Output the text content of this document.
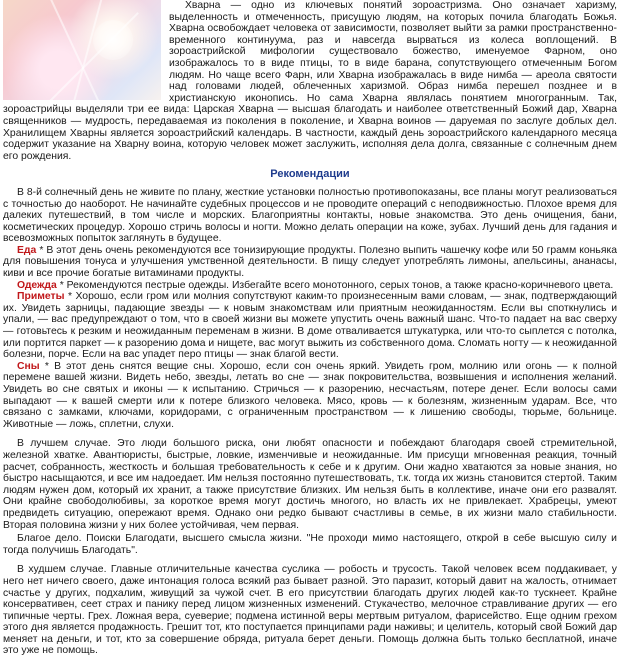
Хварна — одно из ключевых понятий зороастризма. Оно означает харизму, выделенность и отмеченность, присущую людям, на которых почила благодать Божья. Хварна освобождает человека от зависимости, позволяет выйти за рамки пространственно- временного континуума, раз и навсегда вырваться из колеса воплощений. В зороастрийской мифологии существовало божество, именуемое Фарном, оно изображалось то в виде птицы, то в виде барана, сопутствующего отмеченным Богом людям. Но чаще всего Фарн, или Хварна изображалась в виде нимба — ареола святости над головами людей, облеченных харизмой. Образ нимба перешел позднее и в христианскую иконопись. Но сама Хварна являлась понятием многогранным. Так, зороастрийцы выделяли три ее вида: Царская Хварна — высшая благодать и наиболее ответственный Божий дар, Хварна священников — мудрость, передаваемая из поколения в поколение, и Хварна воинов — даруемая по заслуге доблых дел. Хранилищем Хварны является зороастрийский календарь. В частности, каждый день зороастрийского календарного месяца содержит указание на Хварну воина, которую человек может заслужить, исполняя дела долга, связанные с солнечным днем его рождения.

Рекомендации

В 8-й солнечный день не живите по плану, жесткие установки полностью противопоказаны, все планы могут реализоваться с точностью до наоборот. Не начинайте судебных процессов и не проводите операций с неподвижностью. Плохое время для далеких путешествий, в том числе и морских. Благоприятны контакты, новые знакомства. Это день очищения, бани, косметических процедур. Хорошо стричь волосы и ногти. Можно делать операции на коже, зубах. Лучший день для гадания и всевозможных попыток заглянуть в будущее.

Еда * В этот день очень рекомендуются все тонизирующие продукты. Полезно выпить чашечку кофе или 50 грамм коньяка для повышения тонуса и улучшения умственной деятельности. В пищу следует употреблять лимоны, апельсины, ананасы, киви и все прочие богатые витаминами продукты.

Одежда * Рекомендуются пестрые одежды. Избегайте всего монотонного, серых тонов, а также красно-коричневого цвета.

Приметы * Хорошо, если гром или молния сопутствуют каким-то произнесенным вами словам, — знак, подтверждающий их. Увидеть зарницы, падающие звезды — к новым знакомствам или приятным неожиданностям. Если вы споткнулись и упали, — вас предупреждают о том, что в своей жизни вы можете упустить очень важный шанс. Что-то падает на вас сверху — готовьтесь к резким и неожиданным переменам в жизни. В доме отваливается штукатурка, или что-то сыплется с потолка, или портится паркет — к разорению дома и нищете, вас могут выжить из собственного дома. Сломать ногту — к неожиданной болезни, порче. Если на вас упадет перо птицы — знак благой вести.

Сны * В этот день снятся вещие сны. Хорошо, если сон очень яркий. Увидеть гром, молнию или огонь — к полной перемене вашей жизни. Видеть небо, звезды, летать во сне — знак покровительства, возвышения и исполнения желаний. Увидеть во сне святых и иконы — к испытанию. Стричься — к разорению, несчастьям, потере денег. Если волосы сами выпадают — к вашей смерти или к потере близкого человека. Мясо, кровь — к болезням, жизненным ударам. Все, что связано с замками, ключами, коридорами, с ограниченным пространством — к лишению свободы, тюрьме, больнице. Животные — ложь, сплетни, слухи.

В лучшем случае. Это люди большого риска, они любят опасности и побеждают благодаря своей стремительной, железной хватке. Авантюристы, быстрые, ловкие, изменчивые и неожиданные. Им присущи мгновенная реакция, точный расчет, собранность, жесткость и большая требовательность к себе и к другим. Они жадно хватаются за новые знания, но быстро насыщаются, и все им надоедает. Им нельзя постоянно путешествовать, т.к. тогда их жизнь становится стертой. Таким людям нужен дом, который их хранит, а также присутствие близких. Им нельзя быть в коллективе, иначе они его развалят. Они крайне свободолюбивы, за короткое время могут достичь многого, но власть их не привлекает. Храбрецы, умеют предвидеть ситуацию, опережают время. Однако они редко бывают счастливы в семье, в их жизни мало стабильности. Вторая половина жизни у них более устойчивая, чем первая.

Благое дело. Поиски Благодати, высшего смысла жизни. "Не проходи мимо настоящего, открой в себе высшую силу и тогда получишь Благодать".

В худшем случае. Главные отличительные качества суслика — робость и трусость. Такой человек всем поддакивает, у него нет ничего своего, даже интонация голоса всякий раз бывает разной. Это паразит, который давит на жалость, отнимает счастье у других, подхалим, живущий за чужой счет. В его присутствии благодать других людей как-то тускнеет. Крайне консервативен, сеет страх и панику перед лицом жизненных изменений. Стукачество, мелочное стравливание других — его типичные черты. Грех. Ложная вера, суеверие; подмена истинной веры мертвым ритуалом, фарисейство. Еще одним грехом этого дня является продажность. Грешит тот, кто поступается принципами ради наживы; и целитель, который свой Божий дар меняет на деньги, и тот, кто за совершение обряда, ритуала берет деньги. Помощь должна быть только бесплатной, иначе это уже не помощь.
